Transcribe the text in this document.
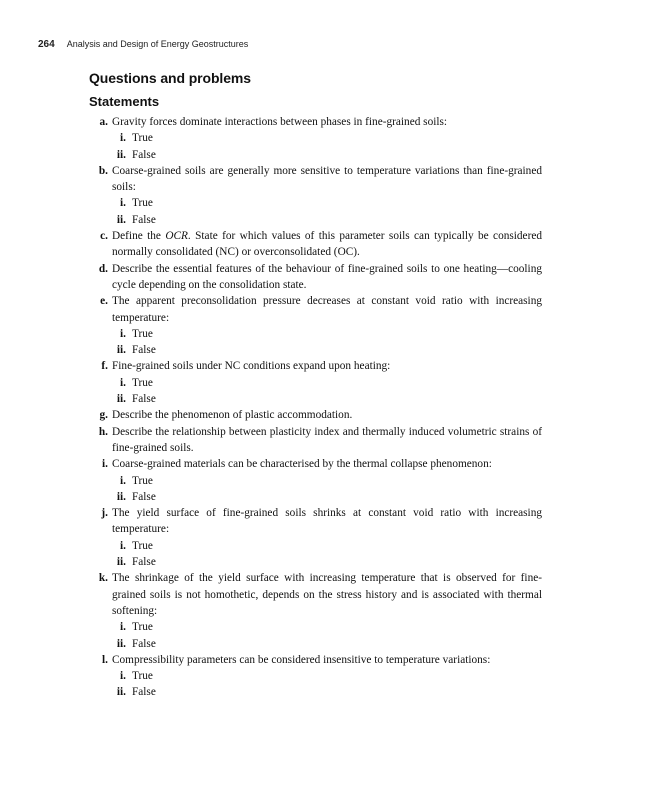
264 Analysis and Design of Energy Geostructures
Questions and problems
Statements
a. Gravity forces dominate interactions between phases in fine-grained soils:
i. True
ii. False
b. Coarse-grained soils are generally more sensitive to temperature variations than fine-grained soils:
i. True
ii. False
c. Define the OCR. State for which values of this parameter soils can typically be considered normally consolidated (NC) or overconsolidated (OC).
d. Describe the essential features of the behaviour of fine-grained soils to one heating—cooling cycle depending on the consolidation state.
e. The apparent preconsolidation pressure decreases at constant void ratio with increasing temperature:
i. True
ii. False
f. Fine-grained soils under NC conditions expand upon heating:
i. True
ii. False
g. Describe the phenomenon of plastic accommodation.
h. Describe the relationship between plasticity index and thermally induced volumetric strains of fine-grained soils.
i. Coarse-grained materials can be characterised by the thermal collapse phenomenon:
i. True
ii. False
j. The yield surface of fine-grained soils shrinks at constant void ratio with increasing temperature:
i. True
ii. False
k. The shrinkage of the yield surface with increasing temperature that is observed for fine-grained soils is not homothetic, depends on the stress history and is associated with thermal softening:
i. True
ii. False
l. Compressibility parameters can be considered insensitive to temperature variations:
i. True
ii. False
